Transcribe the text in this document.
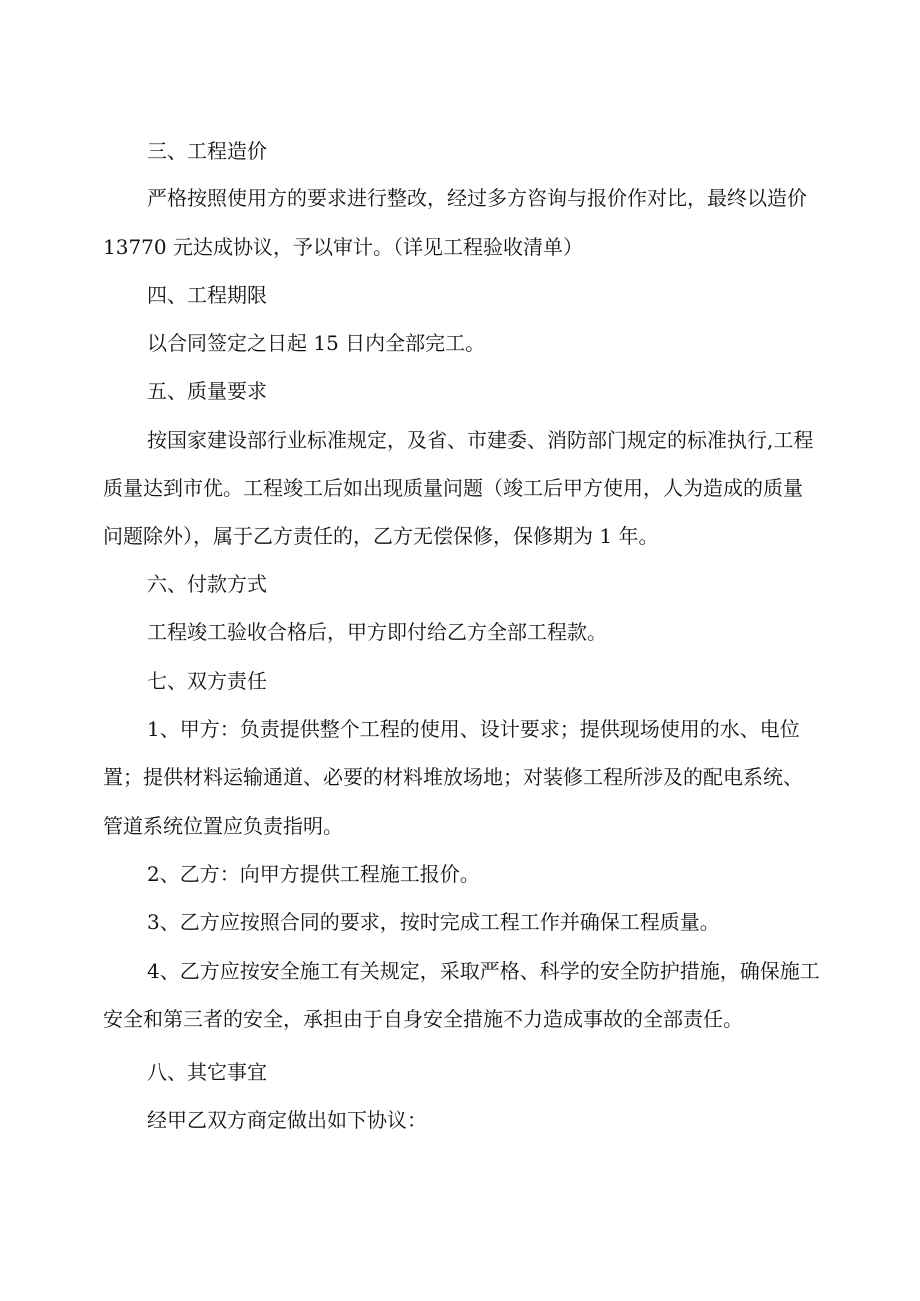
三、工程造价

严格按照使用方的要求进行整改，经过多方咨询与报价作对比，最终以造价

13770 元达成协议，予以审计。（详见工程验收清单）

四、工程期限

以合同签定之日起 15 日内全部完工。

五、质量要求

按国家建设部行业标准规定，及省、市建委、消防部门规定的标准执行,工程

质量达到市优。工程竣工后如出现质量问题（竣工后甲方使用，人为造成的质量

问题除外），属于乙方责任的，乙方无偿保修，保修期为 1 年。

六、付款方式

工程竣工验收合格后，甲方即付给乙方全部工程款。

七、双方责任

1、甲方：负责提供整个工程的使用、设计要求；提供现场使用的水、电位

置；提供材料运输通道、必要的材料堆放场地；对装修工程所涉及的配电系统、

管道系统位置应负责指明。

2、乙方：向甲方提供工程施工报价。

3、乙方应按照合同的要求，按时完成工程工作并确保工程质量。

4、乙方应按安全施工有关规定，采取严格、科学的安全防护措施，确保施工

安全和第三者的安全，承担由于自身安全措施不力造成事故的全部责任。

八、其它事宜

经甲乙双方商定做出如下协议：
